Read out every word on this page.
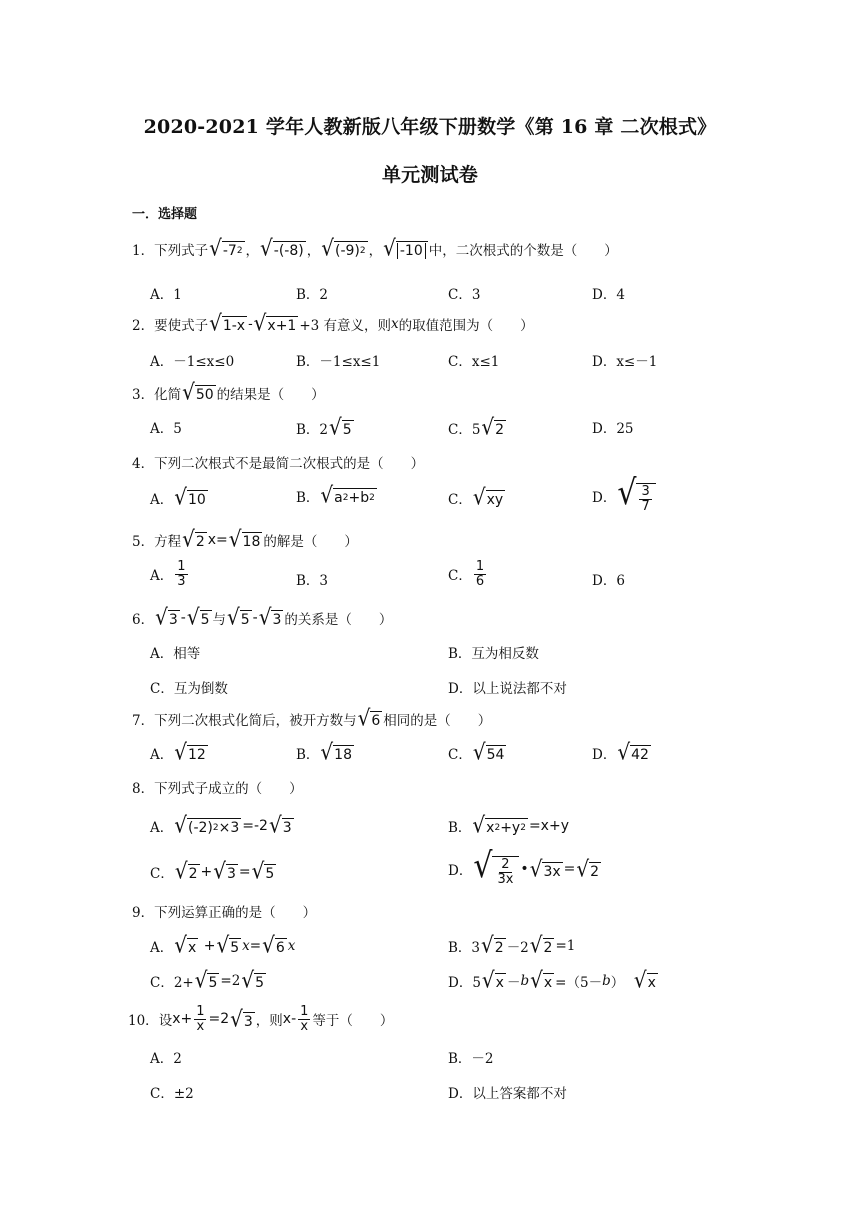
2020-2021 学年人教新版八年级下册数学《第 16 章 二次根式》
单元测试卷
一．选择题
1． 下列式子 √ -7 2 ， √ -(-8) ， √ (-9) 2 ， √ -10 中，二次根式的个数是（　　）
A．1	B．2	C．3	D．4
2． 要使式子 √ 1-x - √ x+1 +3 有意义，则 x 的取值范围为（　　）
A．－1≤x≤0	B．－1≤x≤1	C．x≤1	D．x≤－1
3． 化简 √ 50 的结果是（　　）
A．5	B．2 √ 5	C．5 √ 2	D．25
4． 下列二次根式不是最简二次根式的是（　　）
A． √ 10	B． √ a 2 +b 2	C． √ xy	D． √ $\frac{3}{7}$
5． 方程 √ 2 x= √ 18 的解是（　　）
A． $\frac{1}{3}$	B．3	C． $\frac{1}{6}$	D．6
6． √ 3 - √ 5 与 √ 5 - √ 3 的关系是（　　）
A．相等	B．互为相反数
C．互为倒数	D．以上说法都不对
7． 下列二次根式化简后，被开方数与 √ 6 相同的是（　　）
A． √ 12	B． √ 18	C． √ 54	D． √ 42
8． 下列式子成立的（　　）
A． √ (-2) 2 ×3 =-2 √ 3	B． √ x 2 +y 2 =x+y
C． √ 2 + √ 3 = √ 5	D． √ $\frac{2}{3x}$ • √ 3x = √ 2
9． 下列运算正确的是（　　）
A． √ x + √ 5 x = √ 6 x	B．3 √ 2 －2 √ 2 =1
C．2+ √ 5 =2 √ 5	D．5 √ x － b √ x =（5－ b ） √ x
10． 设 $x+ \frac{1}{x} =2$ √ 3 ，则 $x- \frac{1}{x}$ 等于（　　）
A．2	B．－2
C．±2	D．以上答案都不对
